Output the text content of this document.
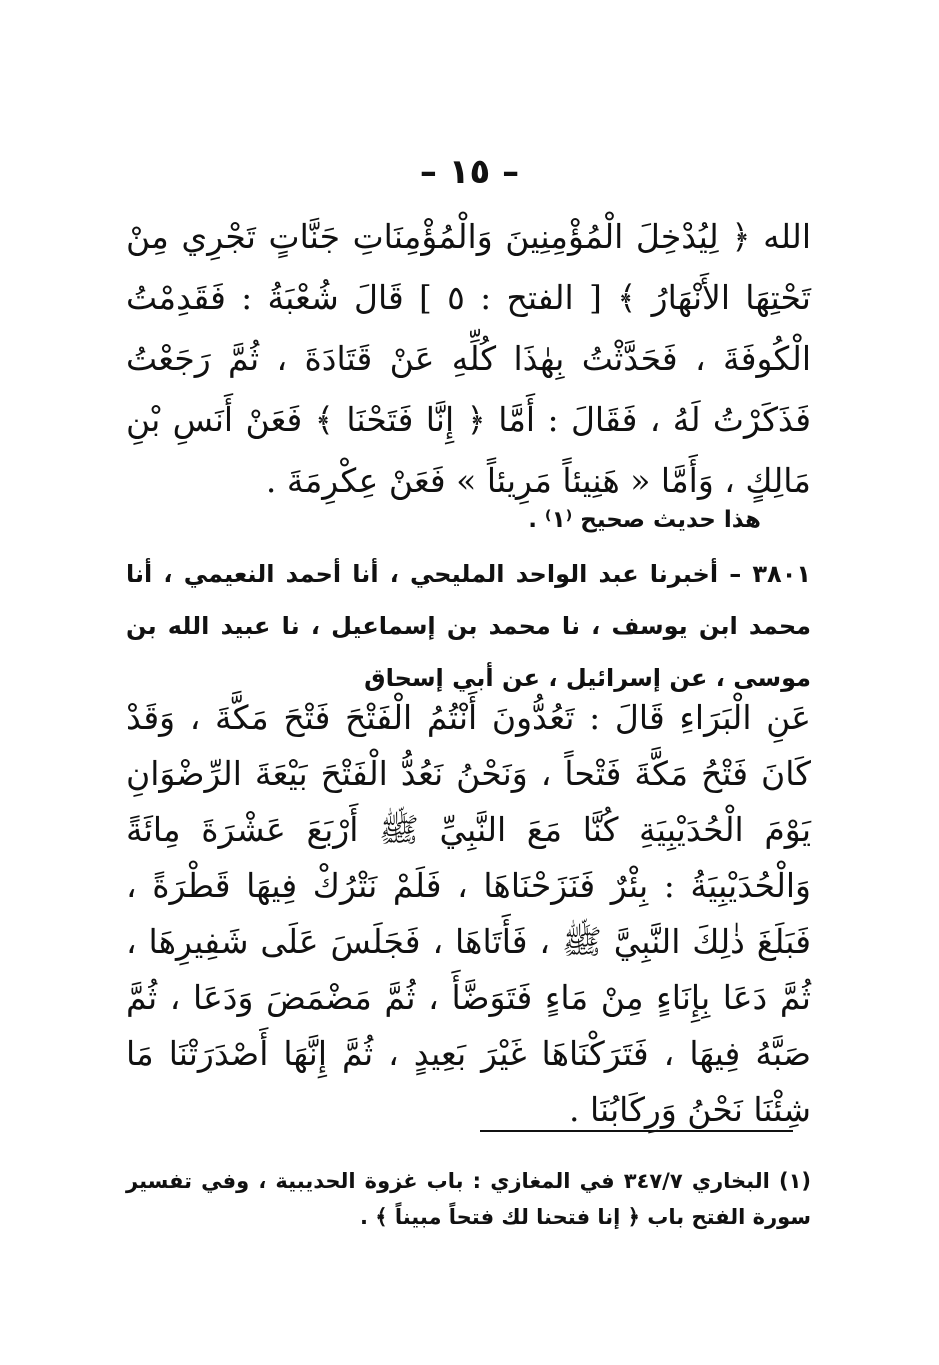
– ١٥ –

الله ﴿ لِيُدْخِلَ الْمُؤْمِنِينَ وَالْمُؤْمِنَاتِ جَنَّاتٍ تَجْرِي مِنْ تَحْتِهَا الأَنْهَارُ ﴾ [ الفتح : ٥ ] قَالَ شُعْبَةُ : فَقَدِمْتُ الْكُوفَةَ ، فَحَدَّثْتُ بِهٰذَا كُلِّهِ عَنْ قَتَادَةَ ، ثُمَّ رَجَعْتُ فَذَكَرْتُ لَهُ ، فَقَالَ : أَمَّا ﴿ إِنَّا فَتَحْنَا ﴾ فَعَنْ أَنَسِ بْنِ مَالِكٍ ، وَأَمَّا « هَنِيئاً مَرِيئاً » فَعَنْ عِكْرِمَةَ .

هذا حديث صحيح ⁽١⁾ .

٣٨٠١ – أخبرنا عبد الواحد المليحي ، أنا أحمد النعيمي ، أنا محمد ابن يوسف ، نا محمد بن إسماعيل ، نا عبيد الله بن موسى ، عن إسرائيل ، عن أبي إسحاق

عَنِ الْبَرَاءِ قَالَ : تَعُدُّونَ أَنْتُمُ الْفَتْحَ فَتْحَ مَكَّةَ ، وَقَدْ كَانَ فَتْحُ مَكَّةَ فَتْحاً ، وَنَحْنُ نَعُدُّ الْفَتْحَ بَيْعَةَ الرِّضْوَانِ يَوْمَ الْحُدَيْبِيَةِ كُنَّا مَعَ النَّبِيِّ ﷺ أَرْبَعَ عَشْرَةَ مِائَةً وَالْحُدَيْبِيَةُ : بِئْرٌ فَنَزَحْنَاهَا ، فَلَمْ نَتْرُكْ فِيهَا قَطْرَةً ، فَبَلَغَ ذٰلِكَ النَّبِيَّ ﷺ ، فَأَتَاهَا ، فَجَلَسَ عَلَى شَفِيرِهَا ، ثُمَّ دَعَا بِإِنَاءٍ مِنْ مَاءٍ فَتَوَضَّأَ ، ثُمَّ مَضْمَضَ وَدَعَا ، ثُمَّ صَبَّهُ فِيهَا ، فَتَرَكْنَاهَا غَيْرَ بَعِيدٍ ، ثُمَّ إِنَّهَا أَصْدَرَتْنَا مَا شِئْنَا نَحْنُ وَرِكَابُنَا .

(١) البخاري ٣٤٧/٧ في المغازي : باب غزوة الحديبية ، وفي تفسير سورة الفتح باب ﴿ إنا فتحنا لك فتحاً مبيناً ﴾ .
